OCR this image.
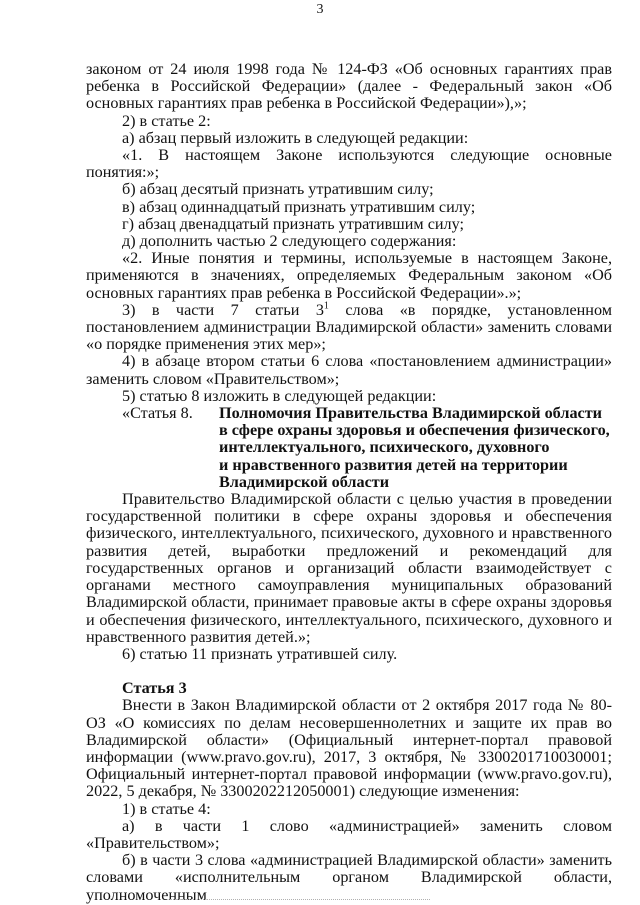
3

законом от 24 июля 1998 года № 124-ФЗ «Об основных гарантиях прав ребенка в Российской Федерации» (далее - Федеральный закон «Об основных гарантиях прав ребенка в Российской Федерации»),»;

2) в статье 2:

а) абзац первый изложить в следующей редакции:

«1. В настоящем Законе используются следующие основные понятия:»;

б) абзац десятый признать утратившим силу;

в) абзац одиннадцатый признать утратившим силу;

г) абзац двенадцатый признать утратившим силу;

д) дополнить частью 2 следующего содержания:

«2. Иные понятия и термины, используемые в настоящем Законе, применяются в значениях, определяемых Федеральным законом «Об основных гарантиях прав ребенка в Российской Федерации».»;

3) в части 7 статьи $3^1$ слова «в порядке, установленном постановлением администрации Владимирской области» заменить словами «о порядке применения этих мер»;

4) в абзаце втором статьи 6 слова «постановлением администрации» заменить словом «Правительством»;

5) статью 8 изложить в следующей редакции:

«Статья 8.	Полномочия Правительства Владимирской области
в сфере охраны здоровья и обеспечения физического,
интеллектуального, психического, духовного
и нравственного развития детей на территории
Владимирской области

Правительство Владимирской области с целью участия в проведении государственной политики в сфере охраны здоровья и обеспечения физического, интеллектуального, психического, духовного и нравственного развития детей, выработки предложений и рекомендаций для государственных органов и организаций области взаимодействует с органами местного самоуправления муниципальных образований Владимирской области, принимает правовые акты в сфере охраны здоровья и обеспечения физического, интеллектуального, психического, духовного и нравственного развития детей.»;

6) статью 11 признать утратившей силу.

Статья 3

Внести в Закон Владимирской области от 2 октября 2017 года № 80-ОЗ «О комиссиях по делам несовершеннолетних и защите их прав во Владимирской области» (Официальный интернет-портал правовой информации (www.pravo.gov.ru), 2017, 3 октября, № 3300201710030001; Официальный интернет-портал правовой информации (www.pravo.gov.ru), 2022, 5 декабря, № 3300202212050001) следующие изменения:

1) в статье 4:

а) в части 1 слово «администрацией» заменить словом «Правительством»;

б) в части 3 слова «администрацией Владимирской области» заменить словами «исполнительным органом Владимирской области, уполномоченным
